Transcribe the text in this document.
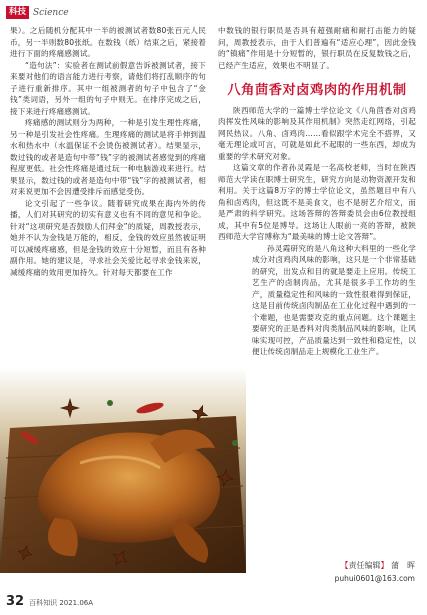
科技 Science

果）。之后随机分配其中一半的被测试者数80张百元人民币，另一半则数80张纸。在数钱（纸）结束之后，紧接着进行下面的疼痛感测试。

“造句法”：实验者在测试前假意告诉被测试者，接下来要对他们的语言能力进行考察，请他们将打乱顺序的句子进行重新排序。其中一组被测者的句子中包含了“金钱”类词语，另外一组的句子中则无。在排序完成之后，接下来进行疼痛感测试。

疼痛感的测试则分为两种，一种是引发生理性疼痛，另一种是引发社会性疼痛。生理疼痛的测试是将手伸到温水和热水中（水温保证不会烫伤被测试者）。结果显示，数过钱的或者是造句中带“钱”字的被测试者感觉到的疼痛程度更低。社会性疼痛是通过玩一种电脑游戏来进行。结果显示，数过钱的或者是造句中带“钱”字的被测试者，相对来说更加不会因遭受排斥而感觉受伤。

论文引起了一些争议。随着研究成果在海内外的传播，人们对其研究的切实有意义也有不同的意见和争论。针对“这项研究是否鼓励人们拜金”的质疑，周教授表示，她并不认为金钱是万能的，相反，金钱的效应虽然被证明可以减缓疼痛感，但是金钱的效应十分短暂，而且有各种副作用。她的建议是，寻求社会关爱比起寻求金钱来说，减缓疼痛的效用更加持久。针对每天都要在工作

中数钱的银行职员是否具有超强耐痛和耐打击能力的疑问，周教授表示，由于人们普遍有“适应心理”，因此金钱的“镇痛”作用是十分短暂的，银行职员在反复数钱之后，已经产生适应，效果也不明显了。

八角茴香对卤鸡肉的作用机制

陕西师范大学的一篇博士学位论文《八角茴香对卤鸡肉挥发性风味的影响及其作用机制》突然走红网络，引起网民热议。八角、卤鸡肉……看似跟学术完全不搭界，又毫无理论或可言，可就是如此不起眼的一些东西，却成为重要的学术研究对象。

这篇文章的作者孙灵霞是一名高校老师，当时在陕西师范大学读在职博士研究生，研究方向是动物资源开发和利用。关于这篇8万字的博士学位论文，虽然题目中有八角和卤鸡肉，但这既不是美食文，也不是厨艺介绍文，而是严肃的科学研究。这场答辩的答辩委员会由6位教授组成，其中有5位是博导。这场让人眼前一亮的答辩，被陕西师范大学官博称为“最美味的博士论文答辩”。

孙灵霞研究的是八角这种大料里的一些化学成分对卤鸡肉风味的影响，这只是一个非常基础的研究，出发点和目的就是要走上应用。传统工艺生产的卤制肉品，尤其是很多手工作坊的生产，质量稳定性和风味的一致性很难得到保证，这是目前传统卤肉制品在工业化过程中遇到的一个难题，也是需要攻克的重点问题。这个课题主要研究的正是香料对肉类制品风味的影响，让风味实现可控，产品质量达到一致性和稳定性，以便让传统卤制品走上规模化工业生产。

【责任编辑】 蒲　晖
puhui0601@163.com
32 百科知识 2021.06A
